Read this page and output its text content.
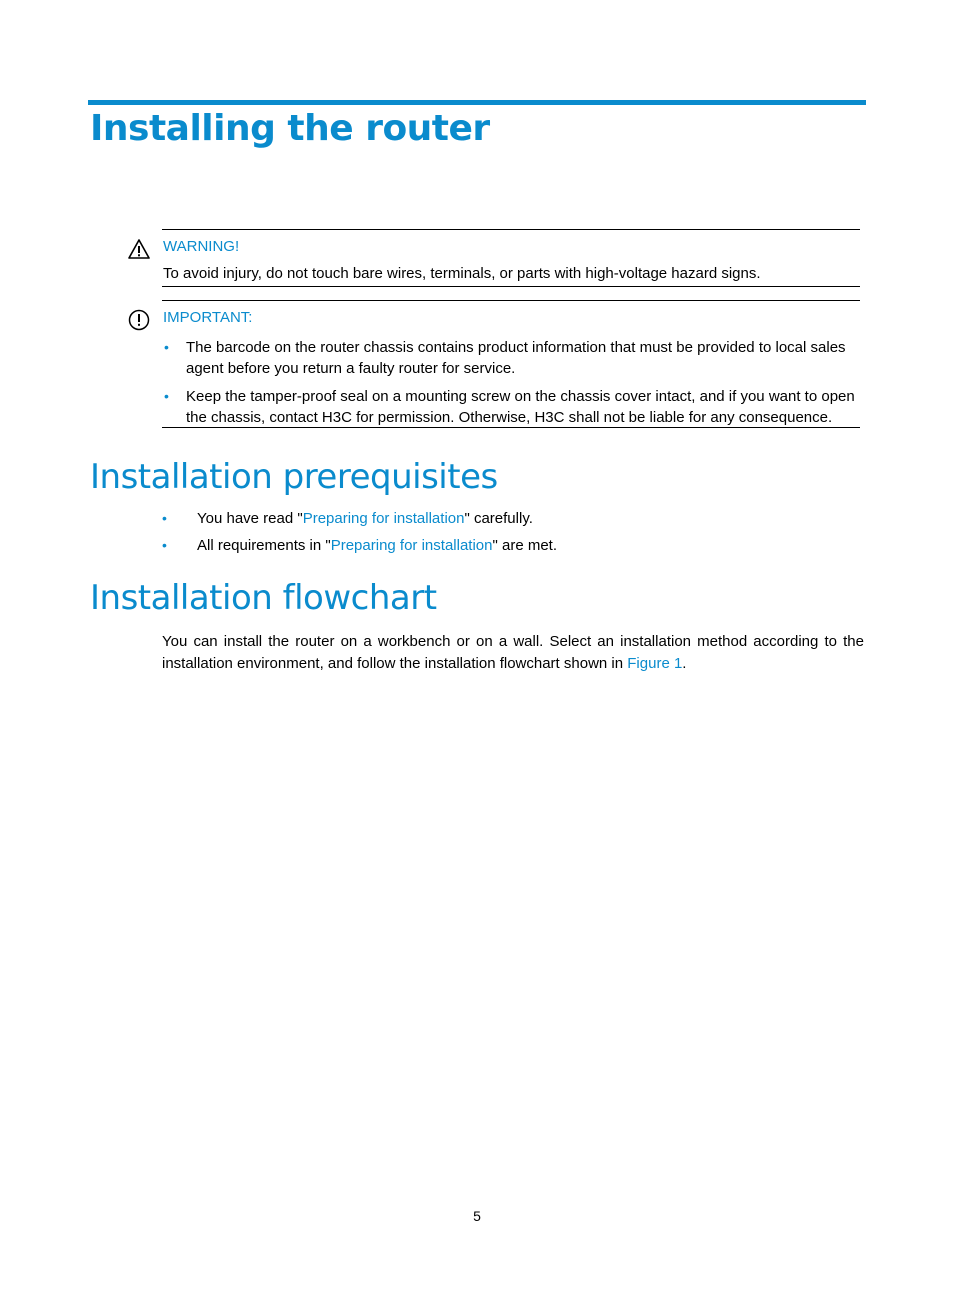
Installing the router
WARNING!
To avoid injury, do not touch bare wires, terminals, or parts with high-voltage hazard signs.
IMPORTANT:
• The barcode on the router chassis contains product information that must be provided to local sales agent before you return a faulty router for service.
• Keep the tamper-proof seal on a mounting screw on the chassis cover intact, and if you want to open the chassis, contact H3C for permission. Otherwise, H3C shall not be liable for any consequence.
Installation prerequisites
• You have read "Preparing for installation" carefully.
• All requirements in "Preparing for installation" are met.
Installation flowchart

You can install the router on a workbench or on a wall. Select an installation method according to the installation environment, and follow the installation flowchart shown in Figure 1.

5
